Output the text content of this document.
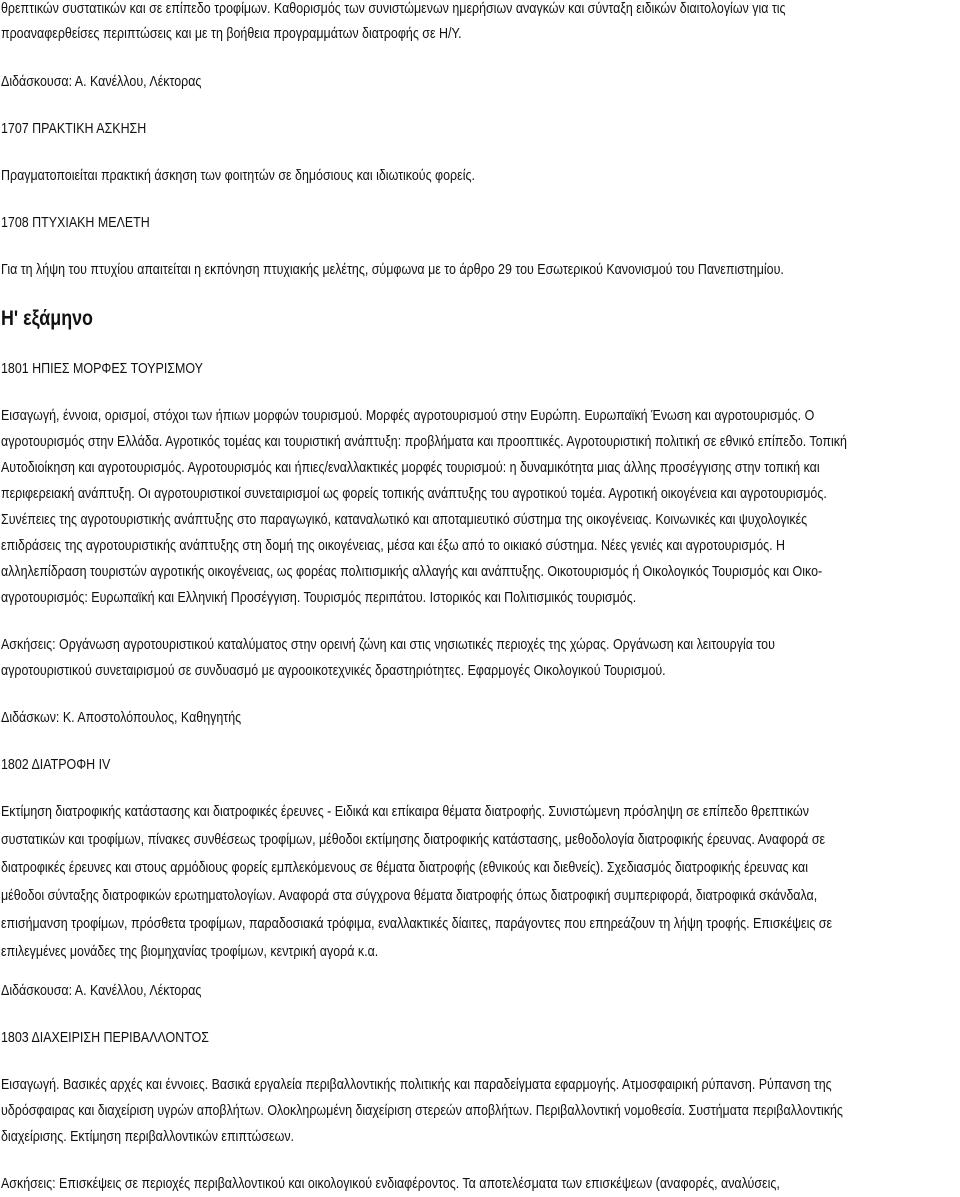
θρεπτικών συστατικών και σε επίπεδο τροφίμων. Καθορισμός των συνιστώμενων ημερήσιων αναγκών και σύνταξη ειδικών διαιτολογίων για τις
προαναφερθείσες περιπτώσεις και με τη βοήθεια προγραμμάτων διατροφής σε Η/Υ.
Διδάσκουσα: Α. Κανέλλου, Λέκτορας
1707 ΠΡΑΚΤΙΚΗ ΑΣΚΗΣΗ
Πραγματοποιείται πρακτική άσκηση των φοιτητών σε δημόσιους και ιδιωτικούς φορείς.
1708 ΠΤΥΧΙΑΚΗ ΜΕΛΕΤΗ
Για τη λήψη του πτυχίου απαιτείται η εκπόνηση πτυχιακής μελέτης, σύμφωνα με το άρθρο 29 του Εσωτερικού Κανονισμού του Πανεπιστημίου.
Η' εξάμηνο
1801 ΗΠΙΕΣ ΜΟΡΦΕΣ ΤΟΥΡΙΣΜΟΥ
Εισαγωγή, έννοια, ορισμοί, στόχοι των ήπιων μορφών τουρισμού. Μορφές αγροτουρισμού στην Ευρώπη. Ευρωπαϊκή Ένωση και αγροτουρισμός. Ο
αγροτουρισμός στην Ελλάδα. Αγροτικός τομέας και τουριστική ανάπτυξη: προβλήματα και προοπτικές. Αγροτουριστική πολιτική σε εθνικό επίπεδο. Τοπική
Αυτοδιοίκηση και αγροτουρισμός. Αγροτουρισμός και ήπιες/εναλλακτικές μορφές τουρισμού: η δυναμικότητα μιας άλλης προσέγγισης στην τοπική και
περιφερειακή ανάπτυξη. Οι αγροτουριστικοί συνεταιρισμοί ως φορείς τοπικής ανάπτυξης του αγροτικού τομέα. Αγροτική οικογένεια και αγροτουρισμός.
Συνέπειες της αγροτουριστικής ανάπτυξης στο παραγωγικό, καταναλωτικό και αποταμιευτικό σύστημα της οικογένειας. Κοινωνικές και ψυχολογικές
επιδράσεις της αγροτουριστικής ανάπτυξης στη δομή της οικογένειας, μέσα και έξω από το οικιακό σύστημα. Νέες γενιές και αγροτουρισμός. Η
αλληλεπίδραση τουριστών αγροτικής οικογένειας, ως φορέας πολιτισμικής αλλαγής και ανάπτυξης. Οικοτουρισμός ή Οικολογικός Τουρισμός και Οικο-
αγροτουρισμός: Ευρωπαϊκή και Ελληνική Προσέγγιση. Τουρισμός περιπάτου. Ιστορικός και Πολιτισμικός τουρισμός.
Ασκήσεις: Οργάνωση αγροτουριστικού καταλύματος στην ορεινή ζώνη και στις νησιωτικές περιοχές της χώρας. Οργάνωση και λειτουργία του
αγροτουριστικού συνεταιρισμού σε συνδυασμό με αγροοικοτεχνικές δραστηριότητες. Εφαρμογές Οικολογικού Τουρισμού.
Διδάσκων: Κ. Αποστολόπουλος, Καθηγητής
1802 ΔΙΑΤΡΟΦΗ IV
Εκτίμηση διατροφικής κατάστασης και διατροφικές έρευνες - Ειδικά και επίκαιρα θέματα διατροφής. Συνιστώμενη πρόσληψη σε επίπεδο θρεπτικών
συστατικών και τροφίμων, πίνακες συνθέσεως τροφίμων, μέθοδοι εκτίμησης διατροφικής κατάστασης, μεθοδολογία διατροφικής έρευνας. Αναφορά σε
διατροφικές έρευνες και στους αρμόδιους φορείς εμπλεκόμενους σε θέματα διατροφής (εθνικούς και διεθνείς). Σχεδιασμός διατροφικής έρευνας και
μέθοδοι σύνταξης διατροφικών ερωτηματολογίων. Αναφορά στα σύγχρονα θέματα διατροφής όπως διατροφική συμπεριφορά, διατροφικά σκάνδαλα,
επισήμανση τροφίμων, πρόσθετα τροφίμων, παραδοσιακά τρόφιμα, εναλλακτικές δίαιτες, παράγοντες που επηρεάζουν τη λήψη τροφής. Επισκέψεις σε
επιλεγμένες μονάδες της βιομηχανίας τροφίμων, κεντρική αγορά κ.α.
Διδάσκουσα: Α. Κανέλλου, Λέκτορας
1803 ΔΙΑΧΕΙΡΙΣΗ ΠΕΡΙΒΑΛΛΟΝΤΟΣ
Εισαγωγή. Βασικές αρχές και έννοιες. Βασικά εργαλεία περιβαλλοντικής πολιτικής και παραδείγματα εφαρμογής. Ατμοσφαιρική ρύπανση. Ρύπανση της
υδρόσφαιρας και διαχείριση υγρών αποβλήτων. Ολοκληρωμένη διαχείριση στερεών αποβλήτων. Περιβαλλοντική νομοθεσία. Συστήματα περιβαλλοντικής
διαχείρισης. Εκτίμηση περιβαλλοντικών επιπτώσεων.
Ασκήσεις: Επισκέψεις σε περιοχές περιβαλλοντικού και οικολογικού ενδιαφέροντος. Τα αποτελέσματα των επισκέψεων (αναφορές, αναλύσεις,
